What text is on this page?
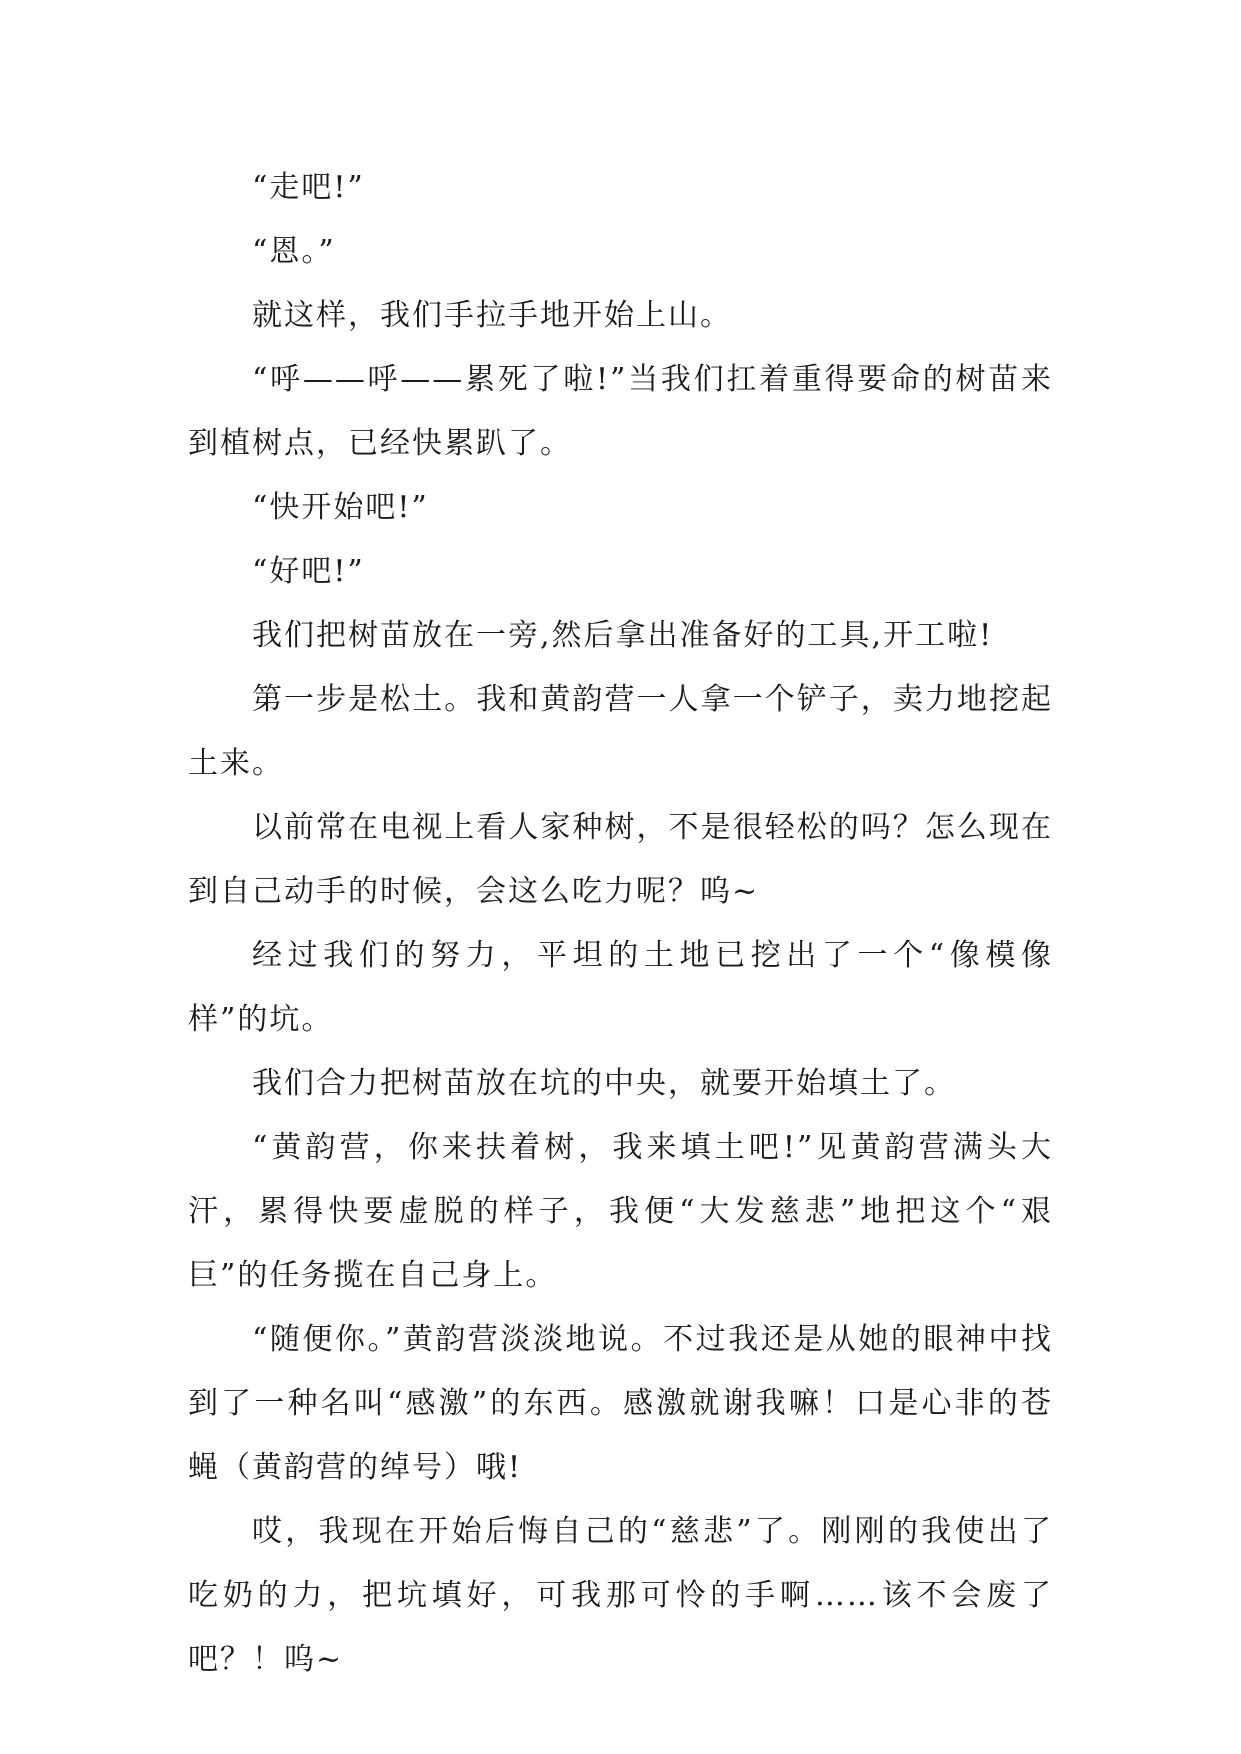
“走吧!”

“恩。”

就这样，我们手拉手地开始上山。

“呼——呼——累死了啦!”当我们扛着重得要命的树苗来到植树点，已经快累趴了。

“快开始吧!”

“好吧!”

我们把树苗放在一旁,然后拿出准备好的工具,开工啦!

第一步是松土。我和黄韵营一人拿一个铲子，卖力地挖起土来。

以前常在电视上看人家种树，不是很轻松的吗？怎么现在到自己动手的时候，会这么吃力呢？呜~

经过我们的努力，平坦的土地已挖出了一个“像模像样”的坑。

我们合力把树苗放在坑的中央，就要开始填土了。

“黄韵营，你来扶着树，我来填土吧!”见黄韵营满头大汗，累得快要虚脱的样子，我便“大发慈悲”地把这个“艰巨”的任务揽在自己身上。

“随便你。”黄韵营淡淡地说。不过我还是从她的眼神中找到了一种名叫“感激”的东西。感激就谢我嘛！口是心非的苍蝇（黄韵营的绰号）哦!

哎，我现在开始后悔自己的“慈悲”了。刚刚的我使出了吃奶的力，把坑填好，可我那可怜的手啊……该不会废了吧？！呜~
